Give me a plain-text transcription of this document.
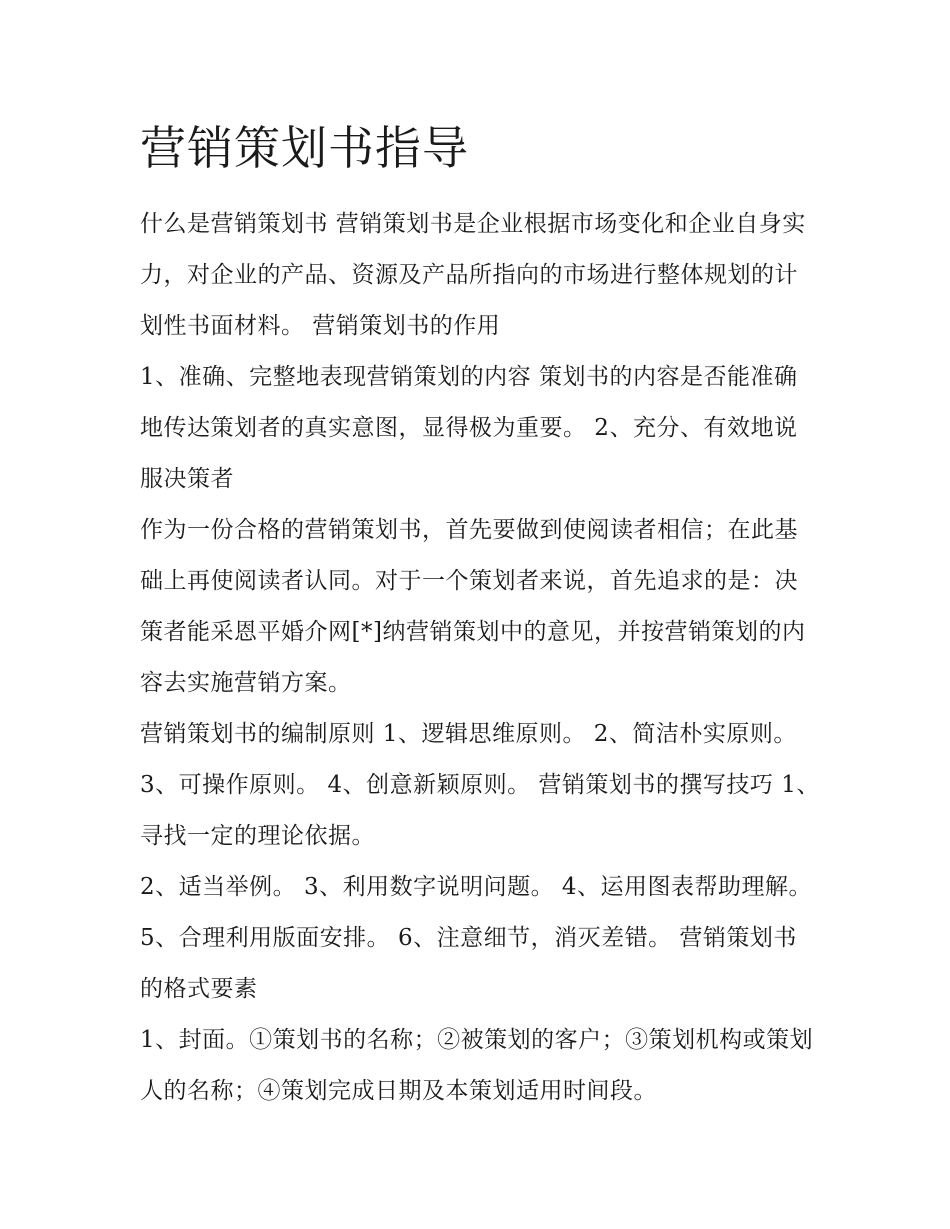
营销策划书指导

什么是营销策划书 营销策划书是企业根据市场变化和企业自身实力，对企业的产品、资源及产品所指向的市场进行整体规划的计划性书面材料。 营销策划书的作用

1、准确、完整地表现营销策划的内容 策划书的内容是否能准确地传达策划者的真实意图，显得极为重要。 2、充分、有效地说服决策者

作为一份合格的营销策划书，首先要做到使阅读者相信；在此基础上再使阅读者认同。对于一个策划者来说，首先追求的是：决策者能采恩平婚介网[*]纳营销策划中的意见，并按营销策划的内容去实施营销方案。

营销策划书的编制原则 1、逻辑思维原则。 2、简洁朴实原则。 3、可操作原则。 4、创意新颖原则。 营销策划书的撰写技巧 1、寻找一定的理论依据。

2、适当举例。 3、利用数字说明问题。 4、运用图表帮助理解。 5、合理利用版面安排。 6、注意细节，消灭差错。 营销策划书的格式要素

1、封面。①策划书的名称；②被策划的客户；③策划机构或策划人的名称；④策划完成日期及本策划适用时间段。
